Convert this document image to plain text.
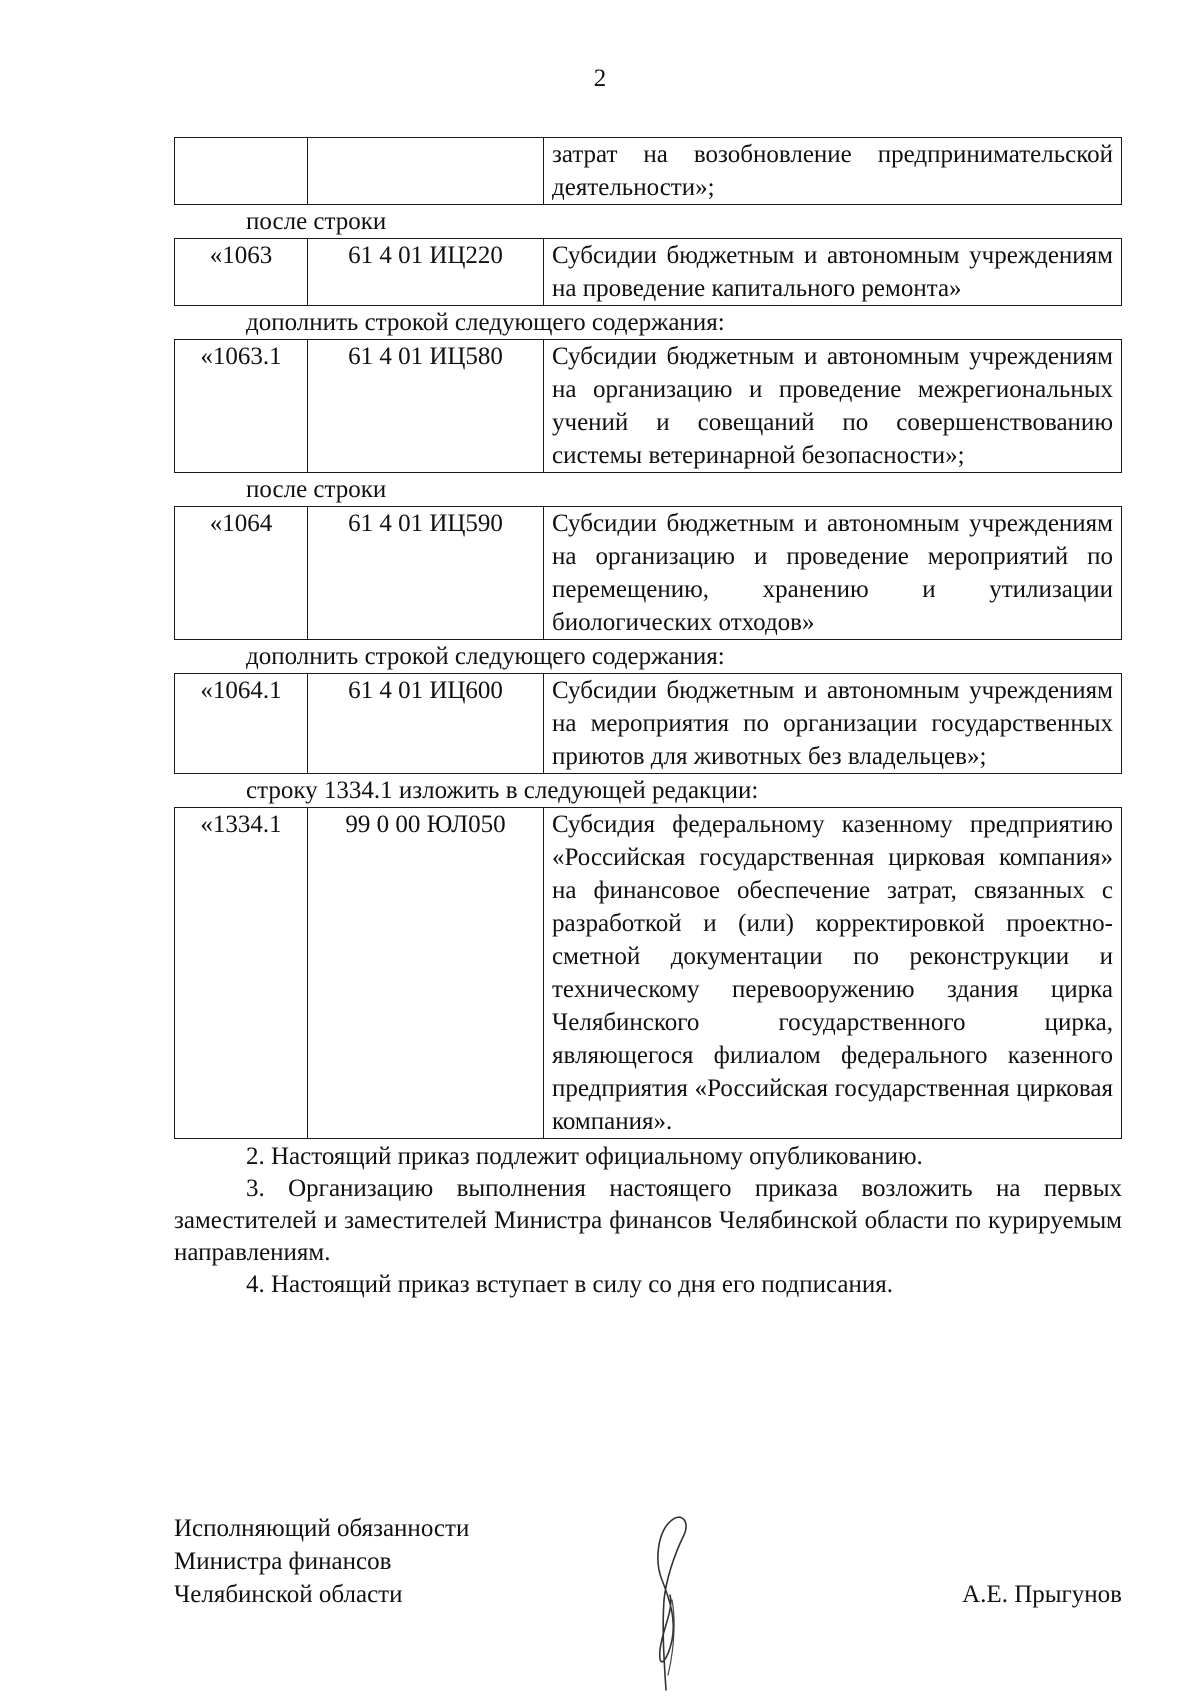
2
		затрат на возобновление предпринимательской деятельности»;
после строки
«1063	61 4 01 ИЦ220	Субсидии бюджетным и автономным учреждениям на проведение капитального ремонта»
дополнить строкой следующего содержания:
«1063.1	61 4 01 ИЦ580	Субсидии бюджетным и автономным учреждениям на организацию и проведение межрегиональных учений и совещаний по совершенствованию системы ветеринарной безопасности»;
после строки
«1064	61 4 01 ИЦ590	Субсидии бюджетным и автономным учреждениям на организацию и проведение мероприятий по перемещению, хранению и утилизации биологических отходов»
дополнить строкой следующего содержания:
«1064.1	61 4 01 ИЦ600	Субсидии бюджетным и автономным учреждениям на мероприятия по организации государственных приютов для животных без владельцев»;
строку 1334.1 изложить в следующей редакции:
«1334.1	99 0 00 ЮЛ050	Субсидия федеральному казенному предприятию «Российская государственная цирковая компания» на финансовое обеспечение затрат, связанных с разработкой и (или) корректировкой проектно-сметной документации по реконструкции и техническому перевооружению здания цирка Челябинского государственного цирка, являющегося филиалом федерального казенного предприятия «Российская государственная цирковая компания».
2. Настоящий приказ подлежит официальному опубликованию.
3. Организацию выполнения настоящего приказа возложить на первых заместителей и заместителей Министра финансов Челябинской области по курируемым направлениям.
4. Настоящий приказ вступает в силу со дня его подписания.
Исполняющий обязанности
Министра финансов
Челябинской области	А.Е. Прыгунов
